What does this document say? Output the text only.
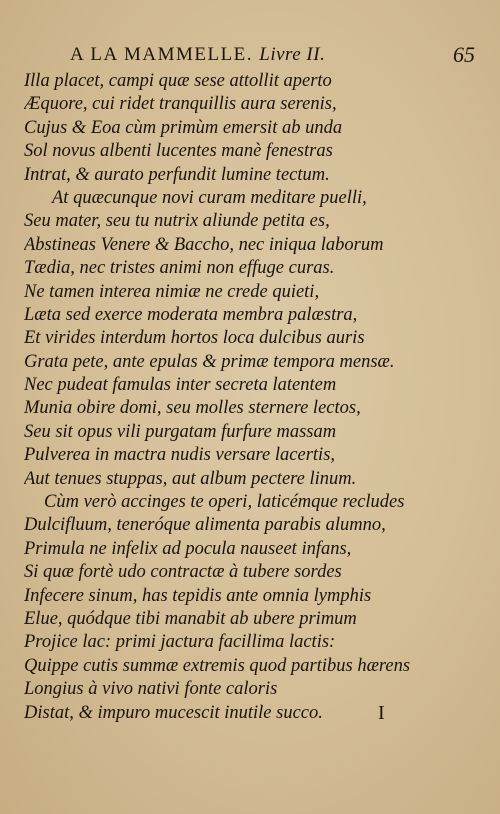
A LA MAMMELLE. Livre II.	65
Illa placet, campi quæ sese attollit aperto
Æquore, cui ridet tranquillis aura serenis,
Cujus & Eoa cùm primùm emersit ab unda
Sol novus albenti lucentes manè fenestras
Intrat, & aurato perfundit lumine tectum.
At quæcunque novi curam meditare puelli,
Seu mater, seu tu nutrix aliunde petita es,
Abstineas Venere & Baccho, nec iniqua laborum
Tædia, nec tristes animi non effuge curas.
Ne tamen interea nimiæ ne crede quieti,
Læta sed exerce moderata membra palæstra,
Et virides interdum hortos loca dulcibus auris
Grata pete, ante epulas & primæ tempora mensæ.
Nec pudeat famulas inter secreta latentem
Munia obire domi, seu molles sternere lectos,
Seu sit opus vili purgatam furfure massam
Pulverea in mactra nudis versare lacertis,
Aut tenues stuppas, aut album pectere linum.
Cùm verò accinges te operi, laticémque recludes
Dulcifluum, teneróque alimenta parabis alumno,
Primula ne infelix ad pocula nauseet infans,
Si quæ fortè udo contractæ à tubere sordes
Infecere sinum, has tepidis ante omnia lymphis
Elue, quódque tibi manabit ab ubere primum
Projice lac: primi jactura facillima lactis:
Quippe cutis summæ extremis quod partibus hærens
Longius à vivo nativi fonte caloris
Distat, & impuro mucescit inutile succo.	I
